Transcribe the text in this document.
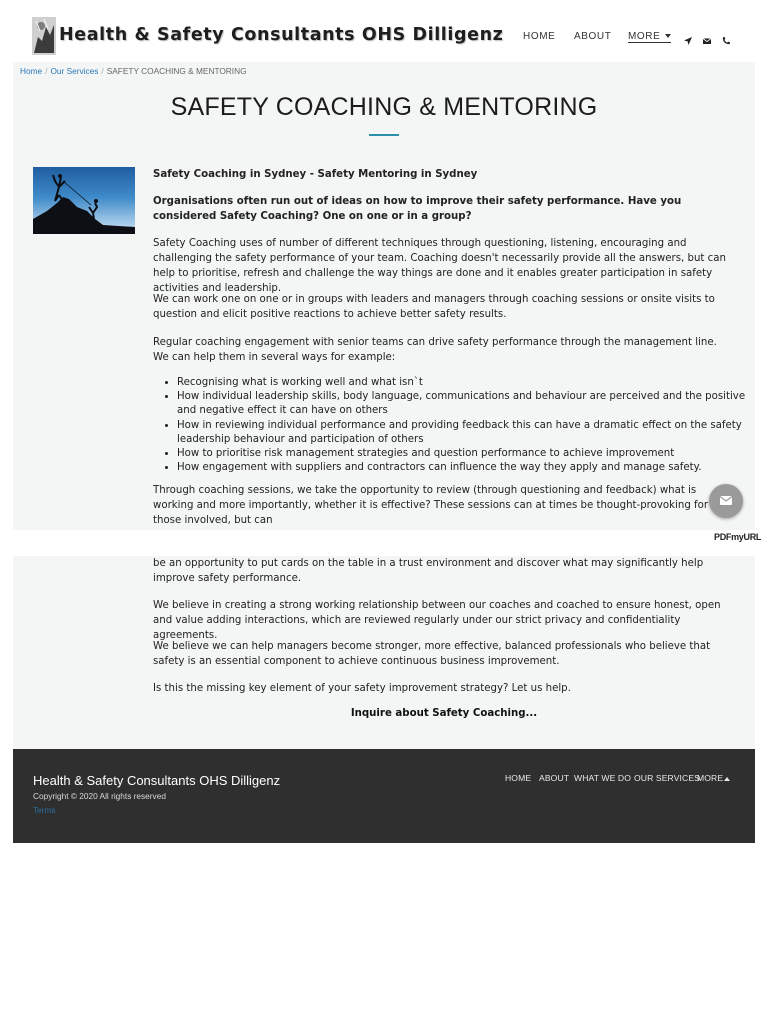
Health & Safety Consultants OHS Dilligenz HOME ABOUT MORE
Home / Our Services / SAFETY COACHING & MENTORING
SAFETY COACHING & MENTORING
Safety Coaching in Sydney - Safety Mentoring in Sydney
Organisations often run out of ideas on how to improve their safety performance. Have you considered Safety Coaching? One on one or in a group?
Safety Coaching uses of number of different techniques through questioning, listening, encouraging and challenging the safety performance of your team. Coaching doesn't necessarily provide all the answers, but can help to prioritise, refresh and challenge the way things are done and it enables greater participation in safety activities and leadership.
We can work one on one or in groups with leaders and managers through coaching sessions or onsite visits to question and elicit positive reactions to achieve better safety results.
Regular coaching engagement with senior teams can drive safety performance through the management line. We can help them in several ways for example:
• Recognising what is working well and what isn`t
• How individual leadership skills, body language, communications and behaviour are perceived and the positive and negative effect it can have on others
• How in reviewing individual performance and providing feedback this can have a dramatic effect on the safety leadership behaviour and participation of others
• How to prioritise risk management strategies and question performance to achieve improvement
• How engagement with suppliers and contractors can influence the way they apply and manage safety.
Through coaching sessions, we take the opportunity to review (through questioning and feedback) what is working and more importantly, whether it is effective? These sessions can at times be thought-provoking for those involved, but can
PDFmyURL
be an opportunity to put cards on the table in a trust environment and discover what may significantly help improve safety performance.
We believe in creating a strong working relationship between our coaches and coached to ensure honest, open and value adding interactions, which are reviewed regularly under our strict privacy and confidentiality agreements.
We believe we can help managers become stronger, more effective, balanced professionals who believe that safety is an essential component to achieve continuous business improvement.
Is this the missing key element of your safety improvement strategy? Let us help.
Inquire about Safety Coaching...
Health & Safety Consultants OHS Dilligenz
Copyright © 2020 All rights reserved
Terms
HOME ABOUT WHAT WE DO OUR SERVICES
MORE
